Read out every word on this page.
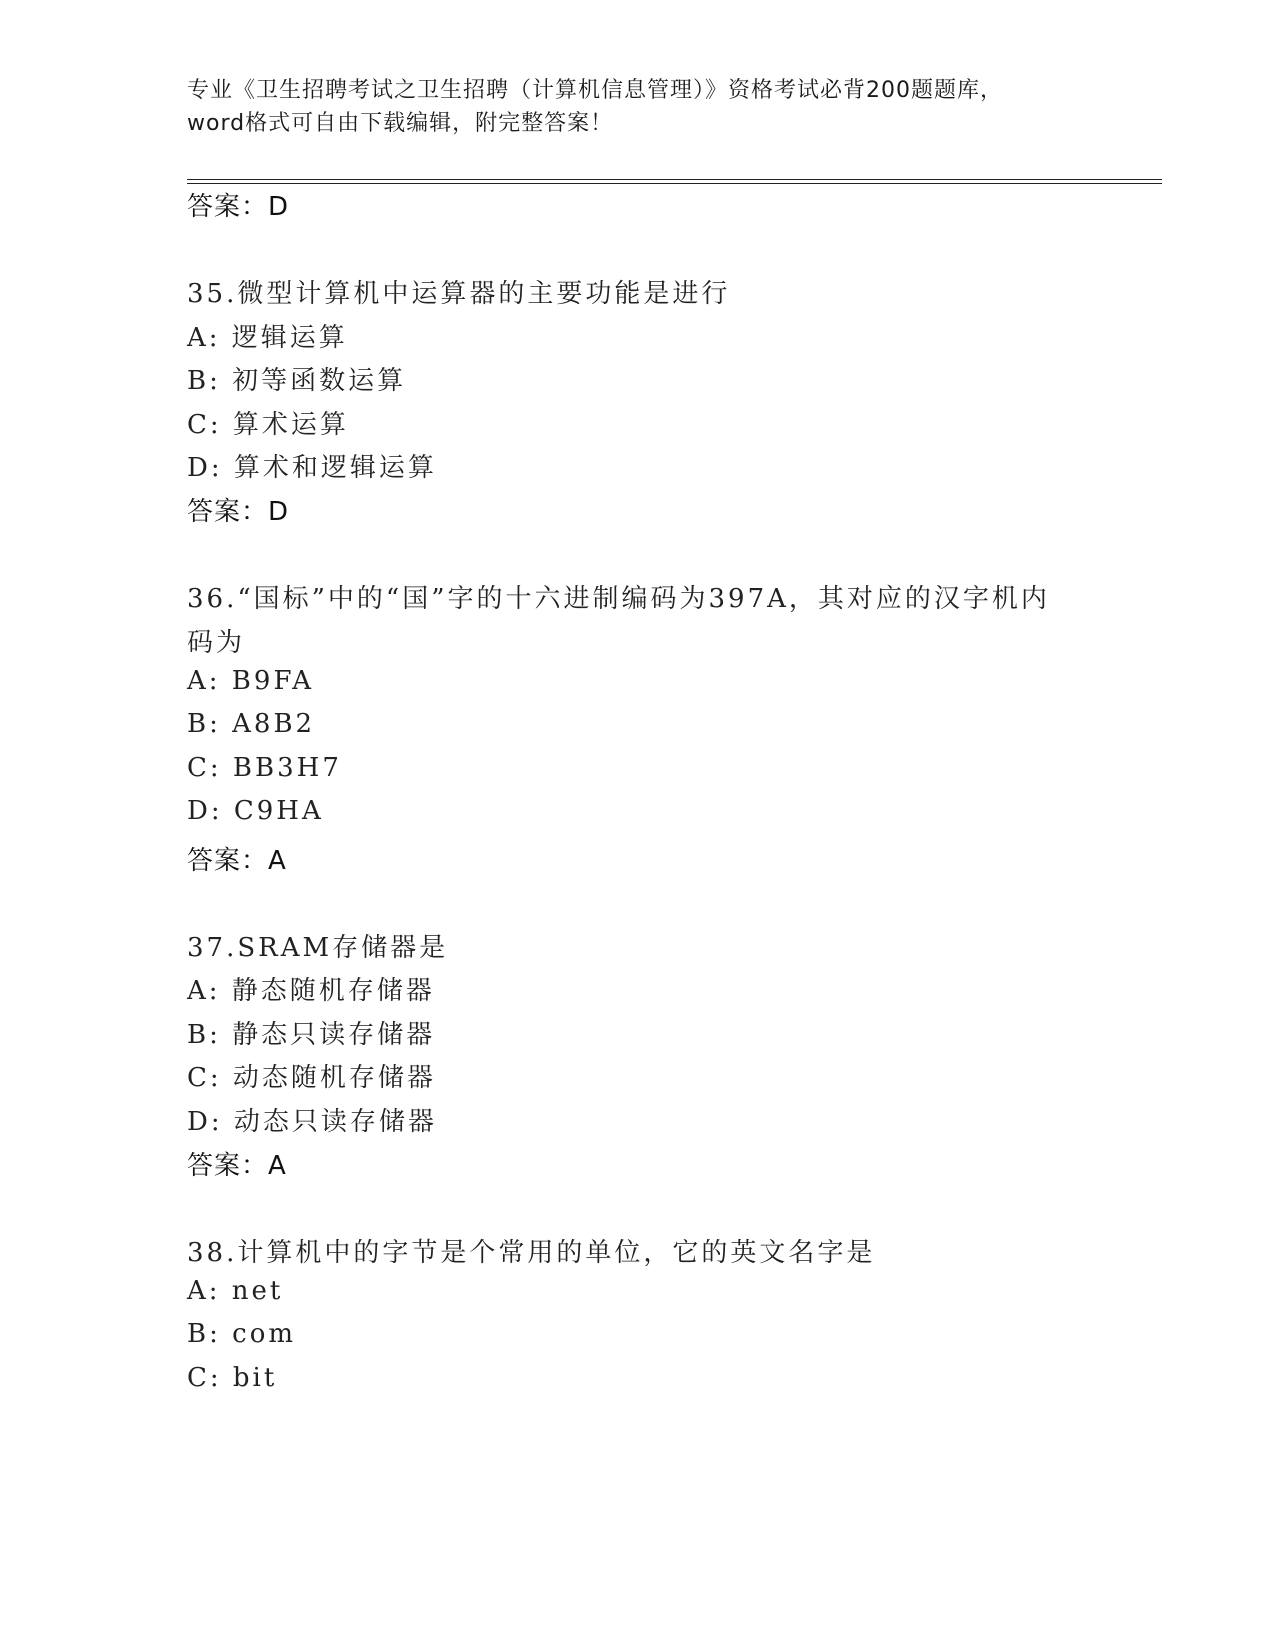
专业《卫生招聘考试之卫生招聘（计算机信息管理）》资格考试必背200题题库，
word格式可自由下载编辑，附完整答案！
答案：D
35.微型计算机中运算器的主要功能是进行
A: 逻辑运算
B: 初等函数运算
C: 算术运算
D: 算术和逻辑运算
答案：D
36.“国标”中的“国”字的十六进制编码为397A，其对应的汉字机内
码为
A: B9FA
B: A8B2
C: BB3H7
D: C9HA
答案：A
37.SRAM存储器是
A: 静态随机存储器
B: 静态只读存储器
C: 动态随机存储器
D: 动态只读存储器
答案：A
38.计算机中的字节是个常用的单位，它的英文名字是
A: net
B: com
C: bit
